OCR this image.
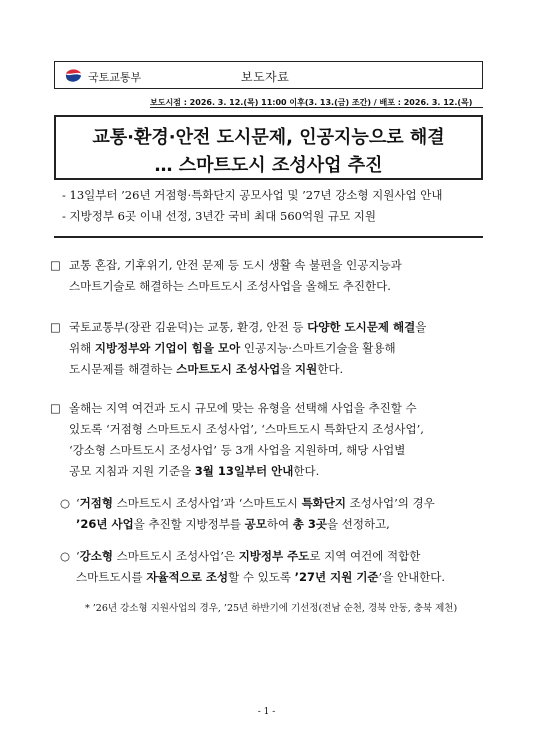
국토교통부	보도자료
보도시점 : 2026. 3. 12.(목) 11:00 이후(3. 13.(금) 조간) / 배포 : 2026. 3. 12.(목)
교통·환경·안전 도시문제, 인공지능으로 해결
… 스마트도시 조성사업 추진
- 13일부터 ’26년 거점형·특화단지 공모사업 및 ’27년 강소형 지원사업 안내
- 지방정부 6곳 이내 선정, 3년간 국비 최대 560억원 규모 지원
□ 교통 혼잡, 기후위기, 안전 문제 등 도시 생활 속 불편을 인공지능과
스마트기술로 해결하는 스마트도시 조성사업을 올해도 추진한다.
□ 국토교통부(장관 김윤덕)는 교통, 환경, 안전 등 다양한 도시문제 해결을
위해 지방정부와 기업이 힘을 모아 인공지능·스마트기술을 활용해
도시문제를 해결하는 스마트도시 조성사업을 지원한다.
□ 올해는 지역 여건과 도시 규모에 맞는 유형을 선택해 사업을 추진할 수
있도록 ‘거점형 스마트도시 조성사업’, ‘스마트도시 특화단지 조성사업’,
‘강소형 스마트도시 조성사업’ 등 3개 사업을 지원하며, 해당 사업별
공모 지침과 지원 기준을 3월 13일부터 안내한다.
○ ‘거점형 스마트도시 조성사업’과 ‘스마트도시 특화단지 조성사업’의 경우
’26년 사업을 추진할 지방정부를 공모하여 총 3곳을 선정하고,
○ ‘강소형 스마트도시 조성사업’은 지방정부 주도로 지역 여건에 적합한
스마트도시를 자율적으로 조성할 수 있도록 ’27년 지원 기준’을 안내한다.
* ’26년 강소형 지원사업의 경우, ’25년 하반기에 기선정(전남 순천, 경북 안동, 충북 제천)
- 1 -
